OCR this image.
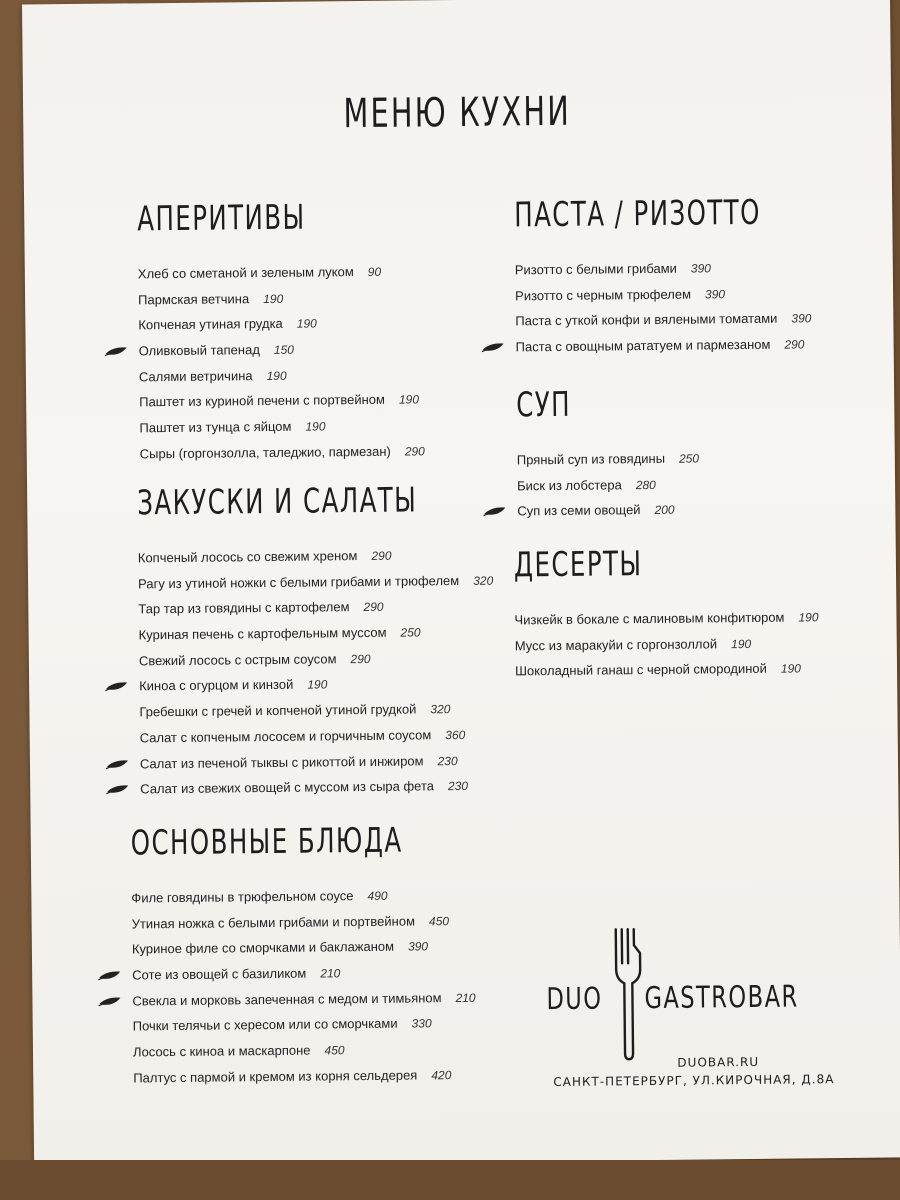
МЕНЮ КУХНИ
АПЕРИТИВЫ
Хлеб со сметаной и зеленым луком 90
Пармская ветчина 190
Копченая утиная грудка 190
Оливковый тапенад 150
Салями ветричина 190
Паштет из куриной печени с портвейном 190
Паштет из тунца с яйцом 190
Сыры (горгонзолла, таледжио, пармезан) 290
ЗАКУСКИ И САЛАТЫ
Копченый лосось со свежим хреном 290
Рагу из утиной ножки с белыми грибами и трюфелем 320
Тар тар из говядины с картофелем 290
Куриная печень с картофельным муссом 250
Свежий лосось с острым соусом 290
Киноа с огурцом и кинзой 190
Гребешки с гречей и копченой утиной грудкой 320
Салат с копченым лососем и горчичным соусом 360
Салат из печеной тыквы с рикоттой и инжиром 230
Салат из свежих овощей с муссом из сыра фета 230
ОСНОВНЫЕ БЛЮДА
Филе говядины в трюфельном соусе 490
Утиная ножка с белыми грибами и портвейном 450
Куриное филе со сморчками и баклажаном 390
Соте из овощей с базиликом 210
Свекла и морковь запеченная с медом и тимьяном 210
Почки телячьи с хересом или со сморчками 330
Лосось с киноа и маскарпоне 450
Палтус с пармой и кремом из корня сельдерея 420
ПАСТА / РИЗОТТО
Ризотто с белыми грибами 390
Ризотто с черным трюфелем 390
Паста с уткой конфи и вялеными томатами 390
Паста с овощным рататуем и пармезаном 290
СУП
Пряный суп из говядины 250
Биск из лобстера 280
Суп из семи овощей 200
ДЕСЕРТЫ
Чизкейк в бокале с малиновым конфитюром 190
Мусс из маракуйи с горгонзоллой 190
Шоколадный ганаш с черной смородиной 190
DUO GASTROBAR
DUOBAR.RU
САНКТ-ПЕТЕРБУРГ, УЛ.КИРОЧНАЯ, Д.8А
